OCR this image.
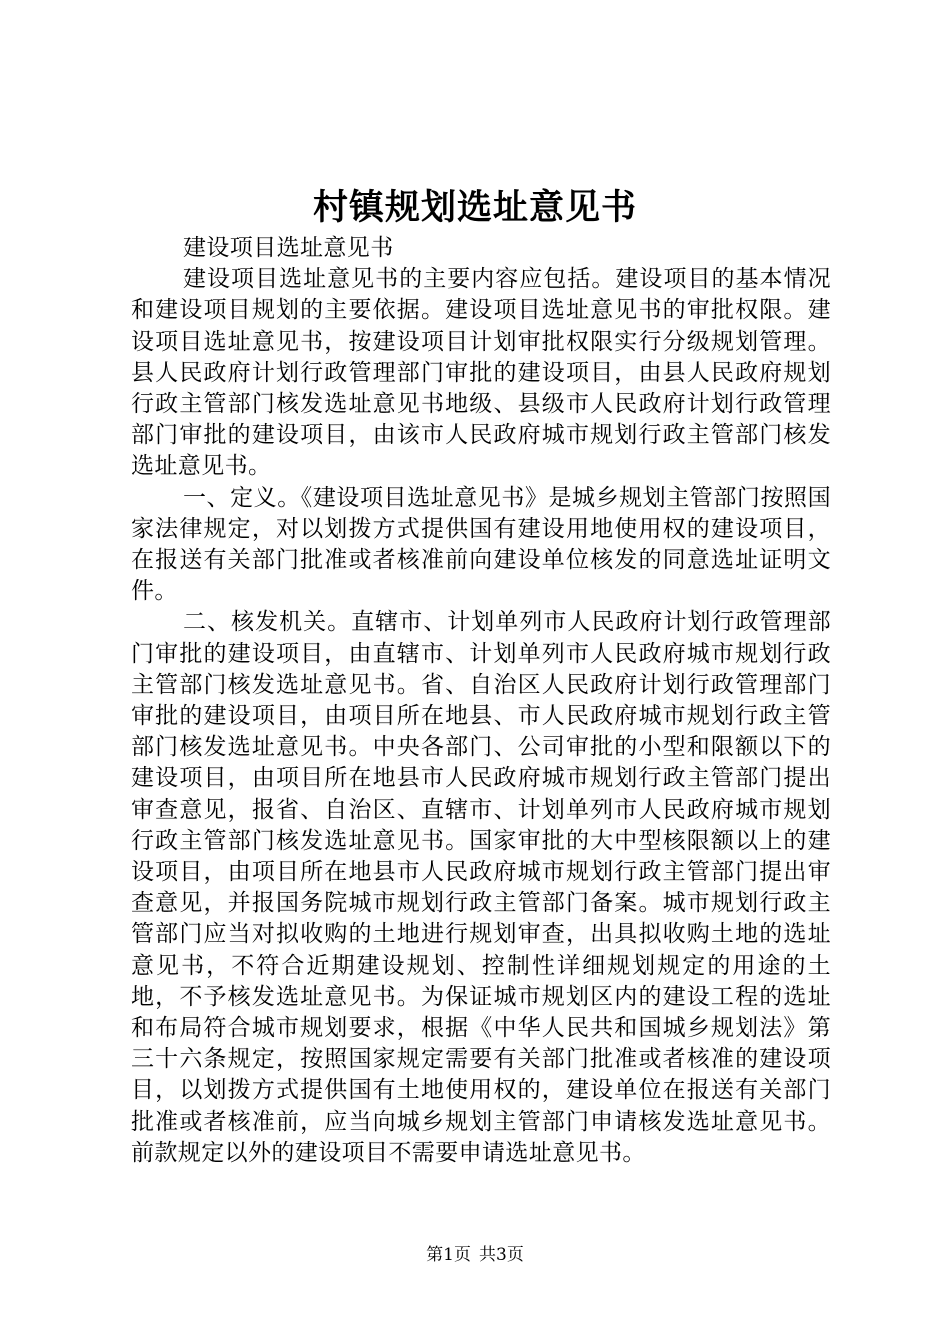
村镇规划选址意见书

建设项目选址意见书

建设项目选址意见书的主要内容应包括。建设项目的基本情况和建设项目规划的主要依据。建设项目选址意见书的审批权限。建设项目选址意见书，按建设项目计划审批权限实行分级规划管理。县人民政府计划行政管理部门审批的建设项目，由县人民政府规划行政主管部门核发选址意见书地级、县级市人民政府计划行政管理部门审批的建设项目，由该市人民政府城市规划行政主管部门核发选址意见书。

一、定义。《建设项目选址意见书》是城乡规划主管部门按照国家法律规定，对以划拨方式提供国有建设用地使用权的建设项目，在报送有关部门批准或者核准前向建设单位核发的同意选址证明文件。

二、核发机关。直辖市、计划单列市人民政府计划行政管理部门审批的建设项目，由直辖市、计划单列市人民政府城市规划行政主管部门核发选址意见书。省、自治区人民政府计划行政管理部门审批的建设项目，由项目所在地县、市人民政府城市规划行政主管部门核发选址意见书。中央各部门、公司审批的小型和限额以下的建设项目，由项目所在地县市人民政府城市规划行政主管部门提出审查意见，报省、自治区、直辖市、计划单列市人民政府城市规划行政主管部门核发选址意见书。国家审批的大中型核限额以上的建设项目，由项目所在地县市人民政府城市规划行政主管部门提出审查意见，并报国务院城市规划行政主管部门备案。城市规划行政主管部门应当对拟收购的土地进行规划审查，出具拟收购土地的选址意见书，不符合近期建设规划、控制性详细规划规定的用途的土地，不予核发选址意见书。为保证城市规划区内的建设工程的选址和布局符合城市规划要求，根据《中华人民共和国城乡规划法》第三十六条规定，按照国家规定需要有关部门批准或者核准的建设项目，以划拨方式提供国有土地使用权的，建设单位在报送有关部门批准或者核准前，应当向城乡规划主管部门申请核发选址意见书。前款规定以外的建设项目不需要申请选址意见书。

第1页 共3页
